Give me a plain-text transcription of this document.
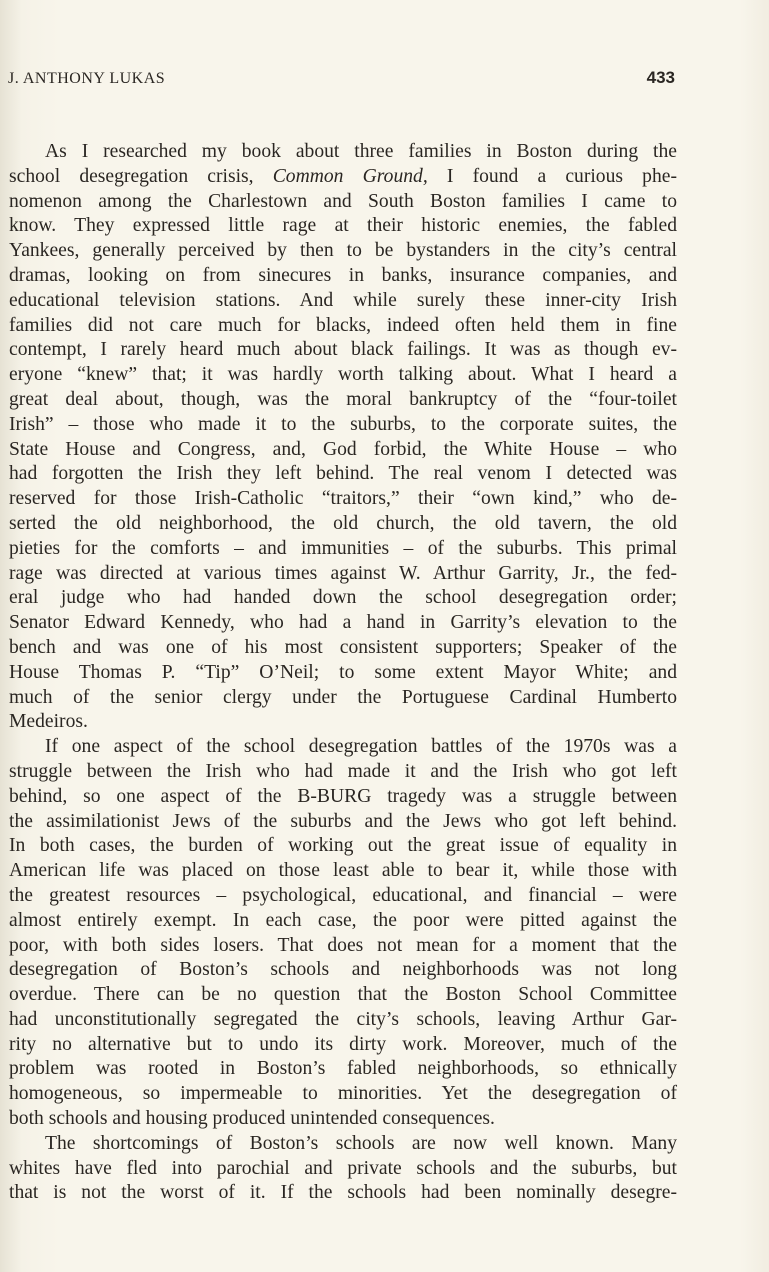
J. ANTHONY LUKAS	433
As I researched my book about three families in Boston during the
school desegregation crisis, Common Ground, I found a curious phe-
nomenon among the Charlestown and South Boston families I came to
know. They expressed little rage at their historic enemies, the fabled
Yankees, generally perceived by then to be bystanders in the city’s central
dramas, looking on from sinecures in banks, insurance companies, and
educational television stations. And while surely these inner-city Irish
families did not care much for blacks, indeed often held them in fine
contempt, I rarely heard much about black failings. It was as though ev-
eryone “knew” that; it was hardly worth talking about. What I heard a
great deal about, though, was the moral bankruptcy of the “four-toilet
Irish” – those who made it to the suburbs, to the corporate suites, the
State House and Congress, and, God forbid, the White House – who
had forgotten the Irish they left behind. The real venom I detected was
reserved for those Irish-Catholic “traitors,” their “own kind,” who de-
serted the old neighborhood, the old church, the old tavern, the old
pieties for the comforts – and immunities – of the suburbs. This primal
rage was directed at various times against W. Arthur Garrity, Jr., the fed-
eral judge who had handed down the school desegregation order;
Senator Edward Kennedy, who had a hand in Garrity’s elevation to the
bench and was one of his most consistent supporters; Speaker of the
House Thomas P. “Tip” O’Neil; to some extent Mayor White; and
much of the senior clergy under the Portuguese Cardinal Humberto
Medeiros.
If one aspect of the school desegregation battles of the 1970s was a
struggle between the Irish who had made it and the Irish who got left
behind, so one aspect of the B-BURG tragedy was a struggle between
the assimilationist Jews of the suburbs and the Jews who got left behind.
In both cases, the burden of working out the great issue of equality in
American life was placed on those least able to bear it, while those with
the greatest resources – psychological, educational, and financial – were
almost entirely exempt. In each case, the poor were pitted against the
poor, with both sides losers. That does not mean for a moment that the
desegregation of Boston’s schools and neighborhoods was not long
overdue. There can be no question that the Boston School Committee
had unconstitutionally segregated the city’s schools, leaving Arthur Gar-
rity no alternative but to undo its dirty work. Moreover, much of the
problem was rooted in Boston’s fabled neighborhoods, so ethnically
homogeneous, so impermeable to minorities. Yet the desegregation of
both schools and housing produced unintended consequences.
The shortcomings of Boston’s schools are now well known. Many
whites have fled into parochial and private schools and the suburbs, but
that is not the worst of it. If the schools had been nominally desegre-
